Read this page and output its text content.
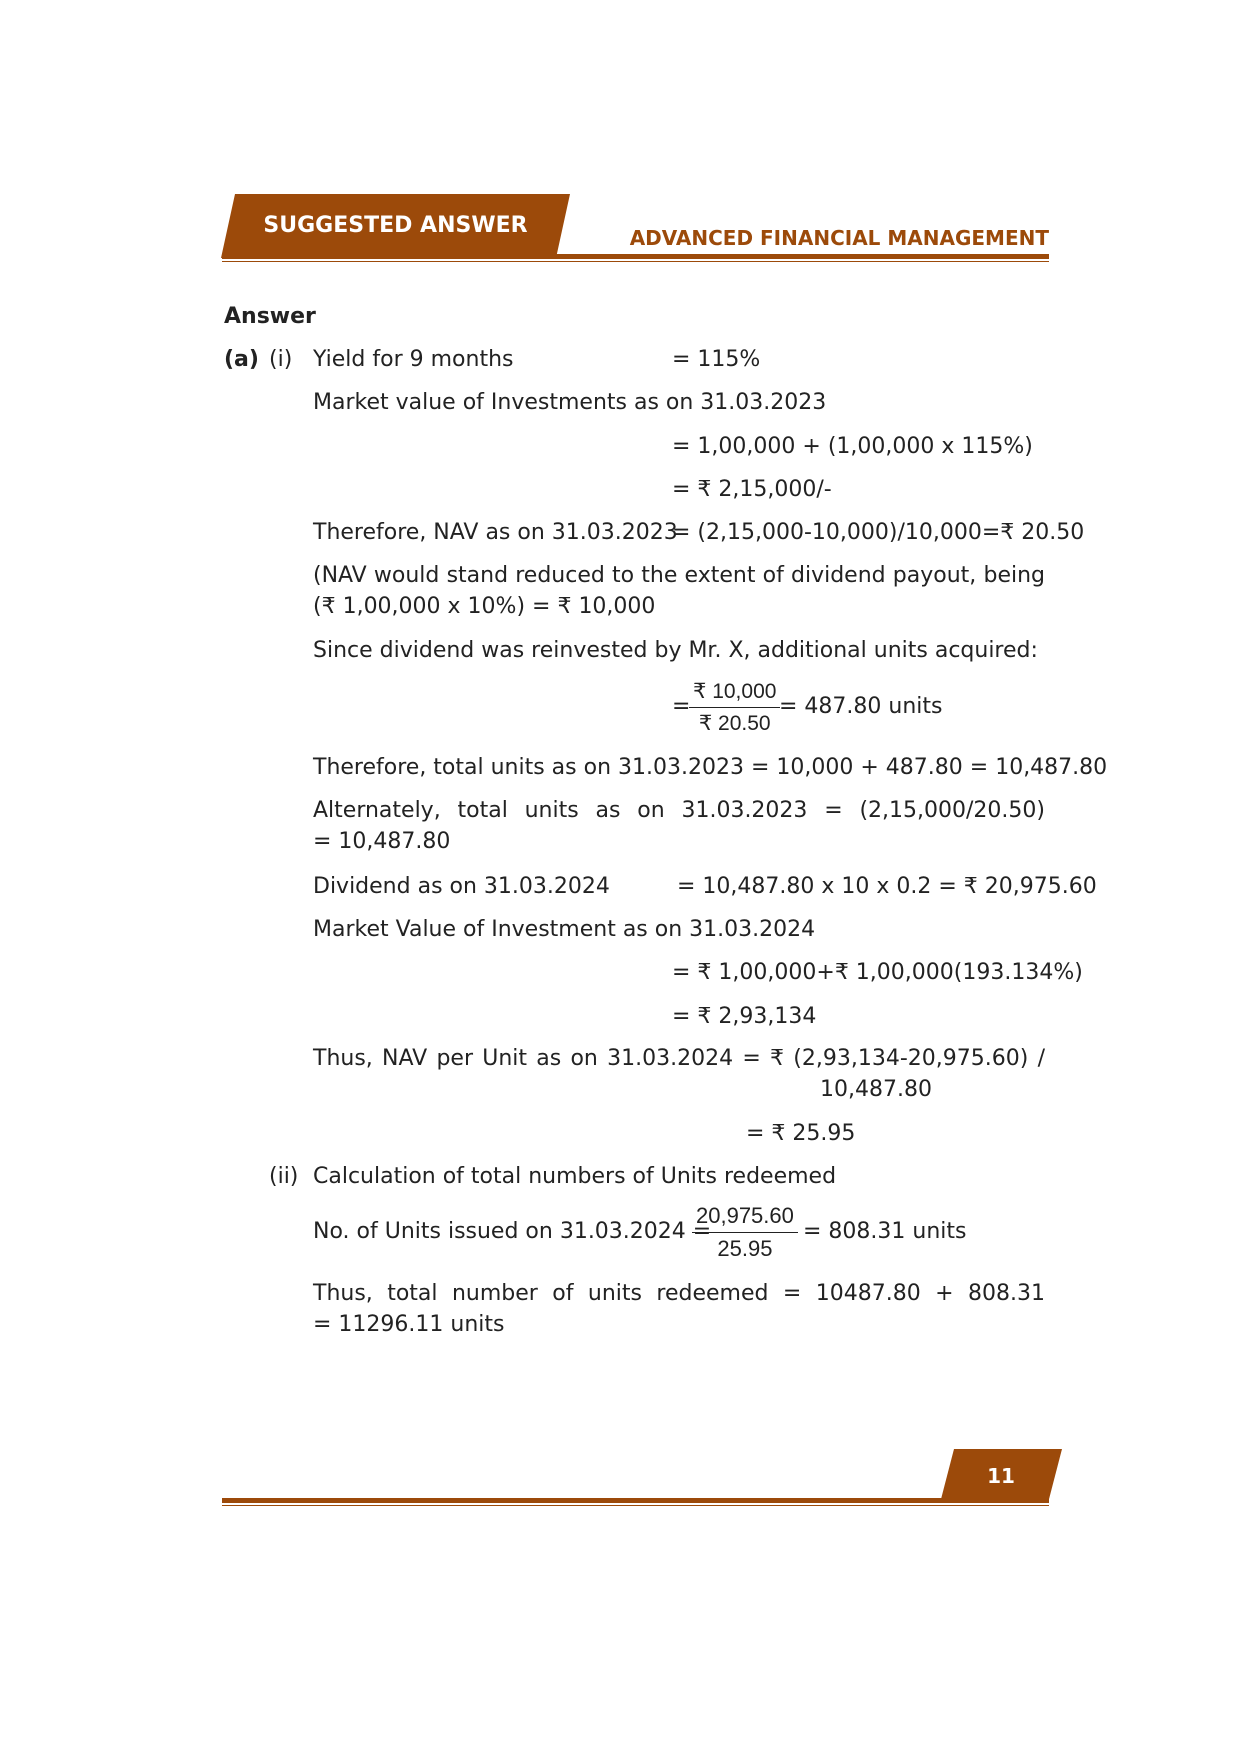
SUGGESTED ANSWER	ADVANCED FINANCIAL MANAGEMENT
Answer
(a) (i) Yield for 9 months	= 115%
Market value of Investments as on 31.03.2023
= 1,00,000 + (1,00,000 x 115%)
= ₹ 2,15,000/-
Therefore, NAV as on 31.03.2023
= (2,15,000-10,000)/10,000=₹ 20.50
(NAV would stand reduced to the extent of dividend payout, being
(₹ 1,00,000 x 10%) = ₹ 10,000
Since dividend was reinvested by Mr. X, additional units acquired:
=
$\frac{₹ 10,000}{₹ 20.50}$
= 487.80 units
Therefore, total units as on 31.03.2023 = 10,000 + 487.80 = 10,487.80
Alternately, total units as on 31.03.2023 = (2,15,000/20.50)
= 10,487.80
Dividend as on 31.03.2024	= 10,487.80 x 10 x 0.2 = ₹ 20,975.60
Market Value of Investment as on 31.03.2024
= ₹ 1,00,000+₹ 1,00,000(193.134%)
= ₹ 2,93,134
Thus, NAV per Unit as on 31.03.2024 = ₹ (2,93,134-20,975.60) /
10,487.80
= ₹ 25.95
(ii) Calculation of total numbers of Units redeemed
No. of Units issued on 31.03.2024 =
$\frac{20,975.60}{25.95} = 808.31$ units
Thus, total number of units redeemed = 10487.80 + 808.31
= 11296.11 units
11
